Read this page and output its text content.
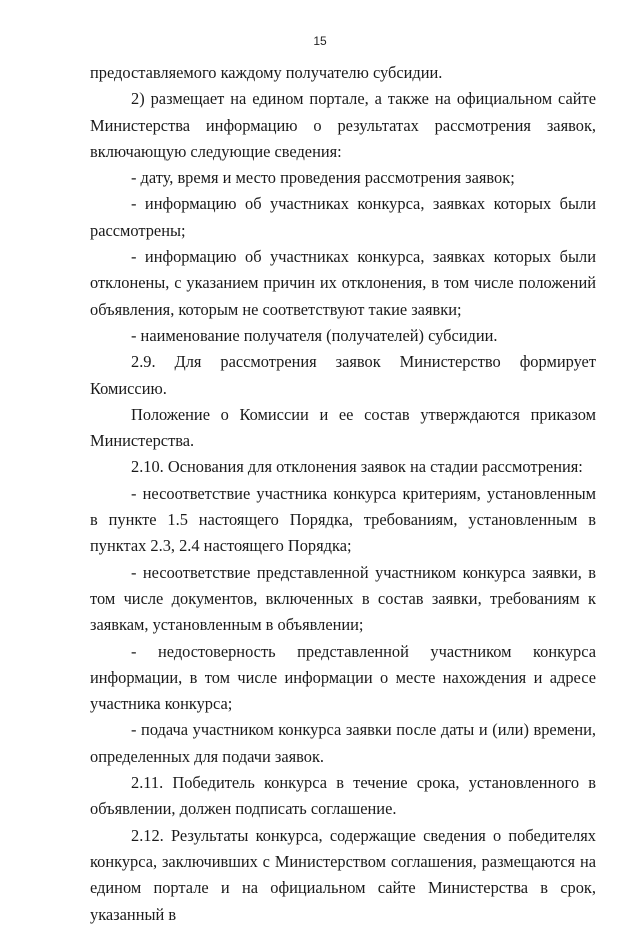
15

предоставляемого каждому получателю субсидии.

2) размещает на едином портале, а также на официальном сайте Министерства информацию о результатах рассмотрения заявок, включающую следующие сведения:

- дату, время и место проведения рассмотрения заявок;

- информацию об участниках конкурса, заявках которых были рассмотрены;

- информацию об участниках конкурса, заявках которых были отклонены, с указанием причин их отклонения, в том числе положений объявления, которым не соответствуют такие заявки;

- наименование получателя (получателей) субсидии.

2.9. Для рассмотрения заявок Министерство формирует Комиссию.

Положение о Комиссии и ее состав утверждаются приказом Министерства.

2.10. Основания для отклонения заявок на стадии рассмотрения:

- несоответствие участника конкурса критериям, установленным в пункте 1.5 настоящего Порядка, требованиям, установленным в пунктах 2.3, 2.4 настоящего Порядка;

- несоответствие представленной участником конкурса заявки, в том числе документов, включенных в состав заявки, требованиям к заявкам, установленным в объявлении;

- недостоверность представленной участником конкурса информации, в том числе информации о месте нахождения и адресе участника конкурса;

- подача участником конкурса заявки после даты и (или) времени, определенных для подачи заявок.

2.11. Победитель конкурса в течение срока, установленного в объявлении, должен подписать соглашение.

2.12. Результаты конкурса, содержащие сведения о победителях конкурса, заключивших с Министерством соглашения, размещаются на едином портале и на официальном сайте Министерства в срок, указанный в
